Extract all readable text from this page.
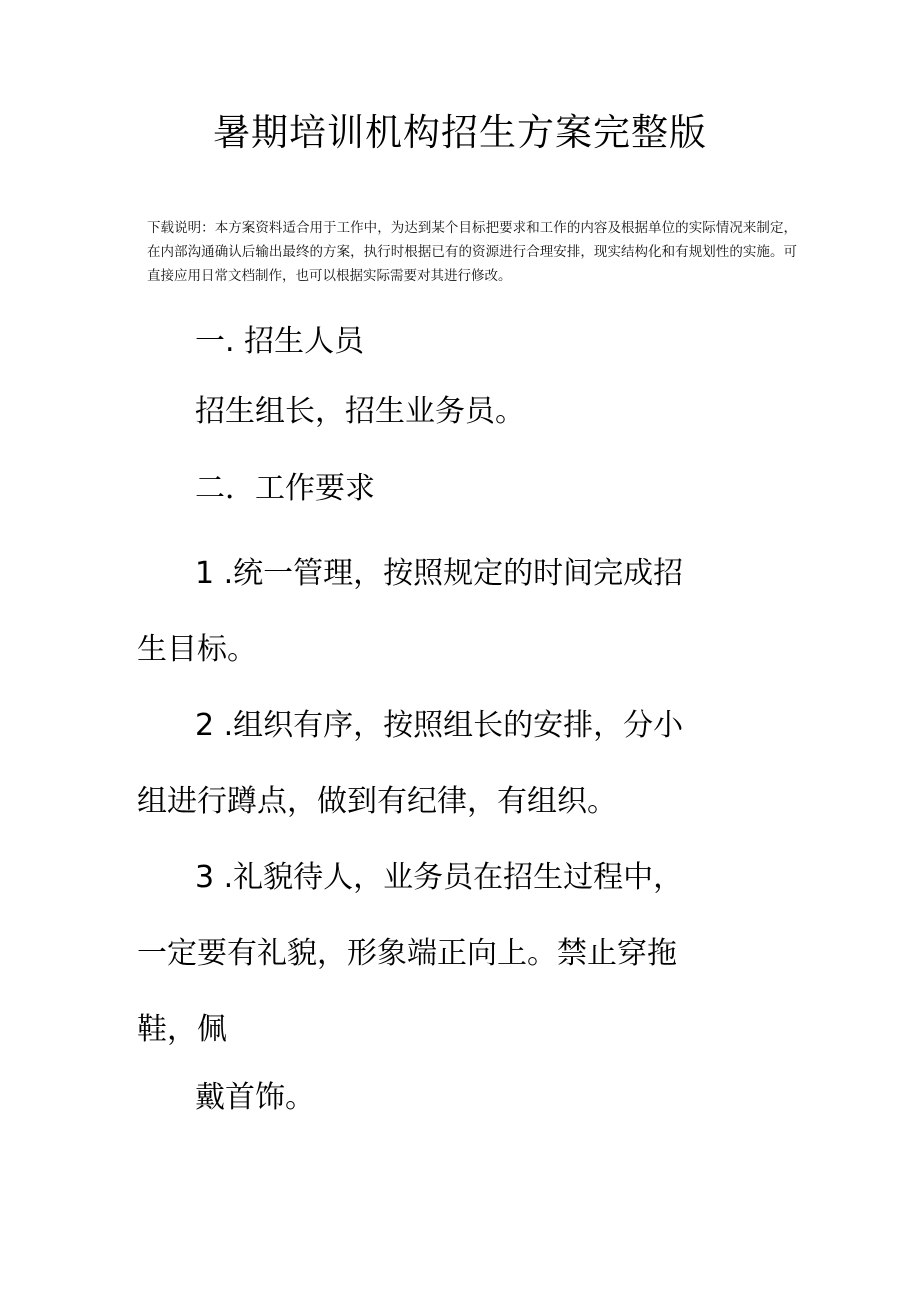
暑期培训机构招生方案完整版
下载说明：本方案资料适合用于工作中，为达到某个目标把要求和工作的内容及根据单位的实际情况来制定，在内部沟通确认后输出最终的方案，执行时根据已有的资源进行合理安排，现实结构化和有规划性的实施。可直接应用日常文档制作，也可以根据实际需要对其进行修改。
一. 招生人员
招生组长，招生业务员。
二．工作要求
1 .统一管理，按照规定的时间完成招
生目标。
2 .组织有序，按照组长的安排，分小
组进行蹲点，做到有纪律，有组织。
3 .礼貌待人，业务员在招生过程中，
一定要有礼貌，形象端正向上。禁止穿拖
鞋，佩
戴首饰。
